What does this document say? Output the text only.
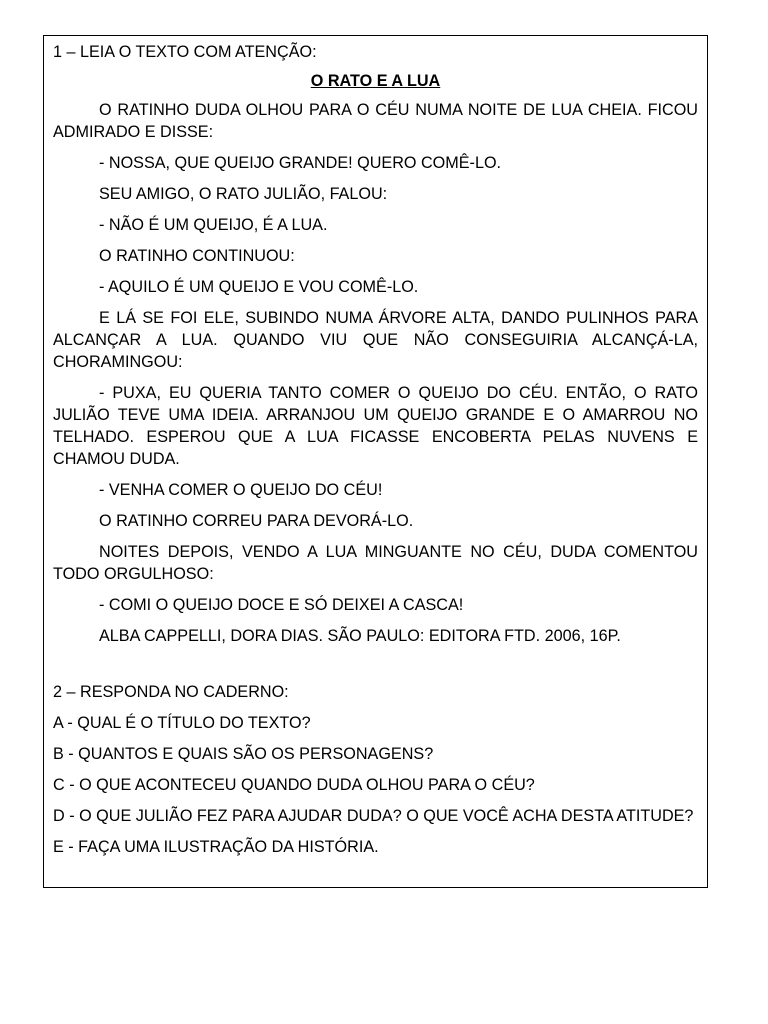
1 – LEIA O TEXTO COM ATENÇÃO:
O RATO E A LUA
O RATINHO DUDA OLHOU PARA O CÉU NUMA NOITE DE LUA CHEIA. FICOU ADMIRADO E DISSE:
- NOSSA, QUE QUEIJO GRANDE! QUERO COMÊ-LO.
SEU AMIGO, O RATO JULIÃO, FALOU:
- NÃO É UM QUEIJO, É A LUA.
O RATINHO CONTINUOU:
- AQUILO É UM QUEIJO E VOU COMÊ-LO.
E LÁ SE FOI ELE, SUBINDO NUMA ÁRVORE ALTA, DANDO PULINHOS PARA ALCANÇAR A LUA. QUANDO VIU QUE NÃO CONSEGUIRIA ALCANÇÁ-LA, CHORAMINGOU:
- PUXA, EU QUERIA TANTO COMER O QUEIJO DO CÉU. ENTÃO, O RATO JULIÃO TEVE UMA IDEIA. ARRANJOU UM QUEIJO GRANDE E O AMARROU NO TELHADO. ESPEROU QUE A LUA FICASSE ENCOBERTA PELAS NUVENS E CHAMOU DUDA.
- VENHA COMER O QUEIJO DO CÉU!
O RATINHO CORREU PARA DEVORÁ-LO.
NOITES DEPOIS, VENDO A LUA MINGUANTE NO CÉU, DUDA COMENTOU TODO ORGULHOSO:
- COMI O QUEIJO DOCE E SÓ DEIXEI A CASCA!
ALBA CAPPELLI, DORA DIAS. SÃO PAULO: EDITORA FTD. 2006, 16P.
2 – RESPONDA NO CADERNO:
A - QUAL É O TÍTULO DO TEXTO?
B - QUANTOS E QUAIS SÃO OS PERSONAGENS?
C - O QUE ACONTECEU QUANDO DUDA OLHOU PARA O CÉU?
D - O QUE JULIÃO FEZ PARA AJUDAR DUDA? O QUE VOCÊ ACHA DESTA ATITUDE?
E - FAÇA UMA ILUSTRAÇÃO DA HISTÓRIA.
